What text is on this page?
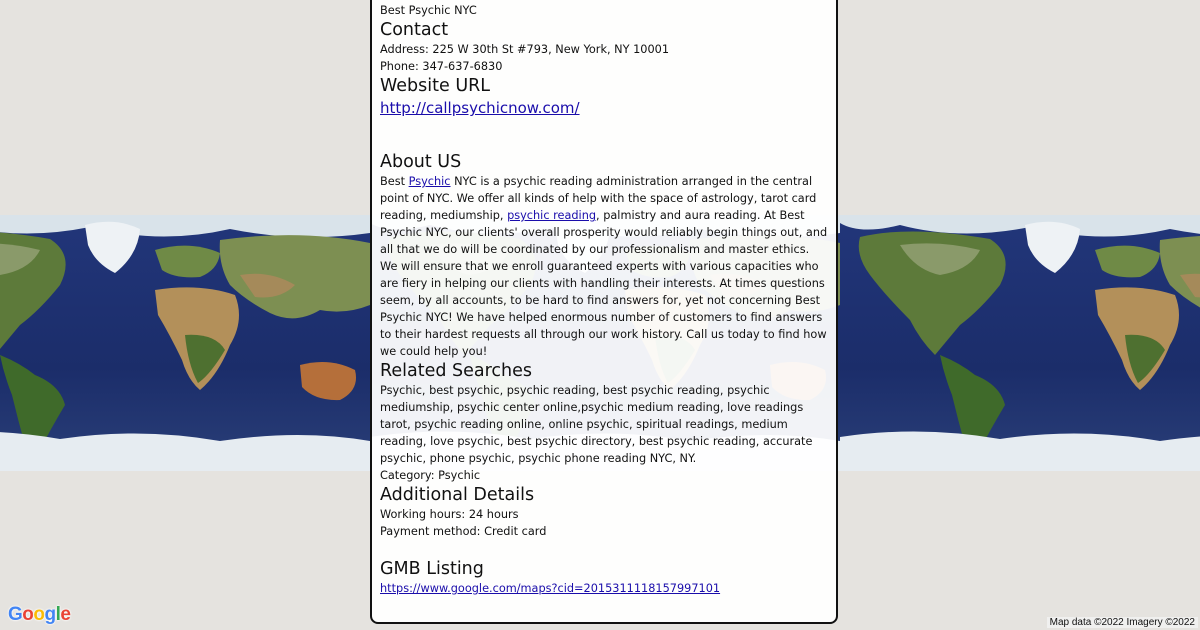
Google	Map data ©2022 Imagery ©2022

Best Psychic NYC

Contact

Address: 225 W 30th St #793, New York, NY 10001

Phone: 347-637-6830

Website URL

http://callpsychicnow.com/

About US

Best Psychic NYC is a psychic reading administration arranged in the central point of NYC. We offer all kinds of help with the space of astrology, tarot card reading, mediumship, psychic reading, palmistry and aura reading. At Best Psychic NYC, our clients' overall prosperity would reliably begin things out, and all that we do will be coordinated by our professionalism and master ethics.

We will ensure that we enroll guaranteed experts with various capacities who are fiery in helping our clients with handling their interests. At times questions seem, by all accounts, to be hard to find answers for, yet not concerning Best Psychic NYC! We have helped enormous number of customers to find answers to their hardest requests all through our work history. Call us today to find how we could help you!

Related Searches

Psychic, best psychic, psychic reading, best psychic reading, psychic mediumship, psychic center online,psychic medium reading, love readings tarot, psychic reading online, online psychic, spiritual readings, medium reading, love psychic, best psychic directory, best psychic reading, accurate psychic, phone psychic, psychic phone reading NYC, NY.

Category: Psychic

Additional Details

Working hours: 24 hours

Payment method: Credit card

GMB Listing

https://www.google.com/maps?cid=2015311118157997101
